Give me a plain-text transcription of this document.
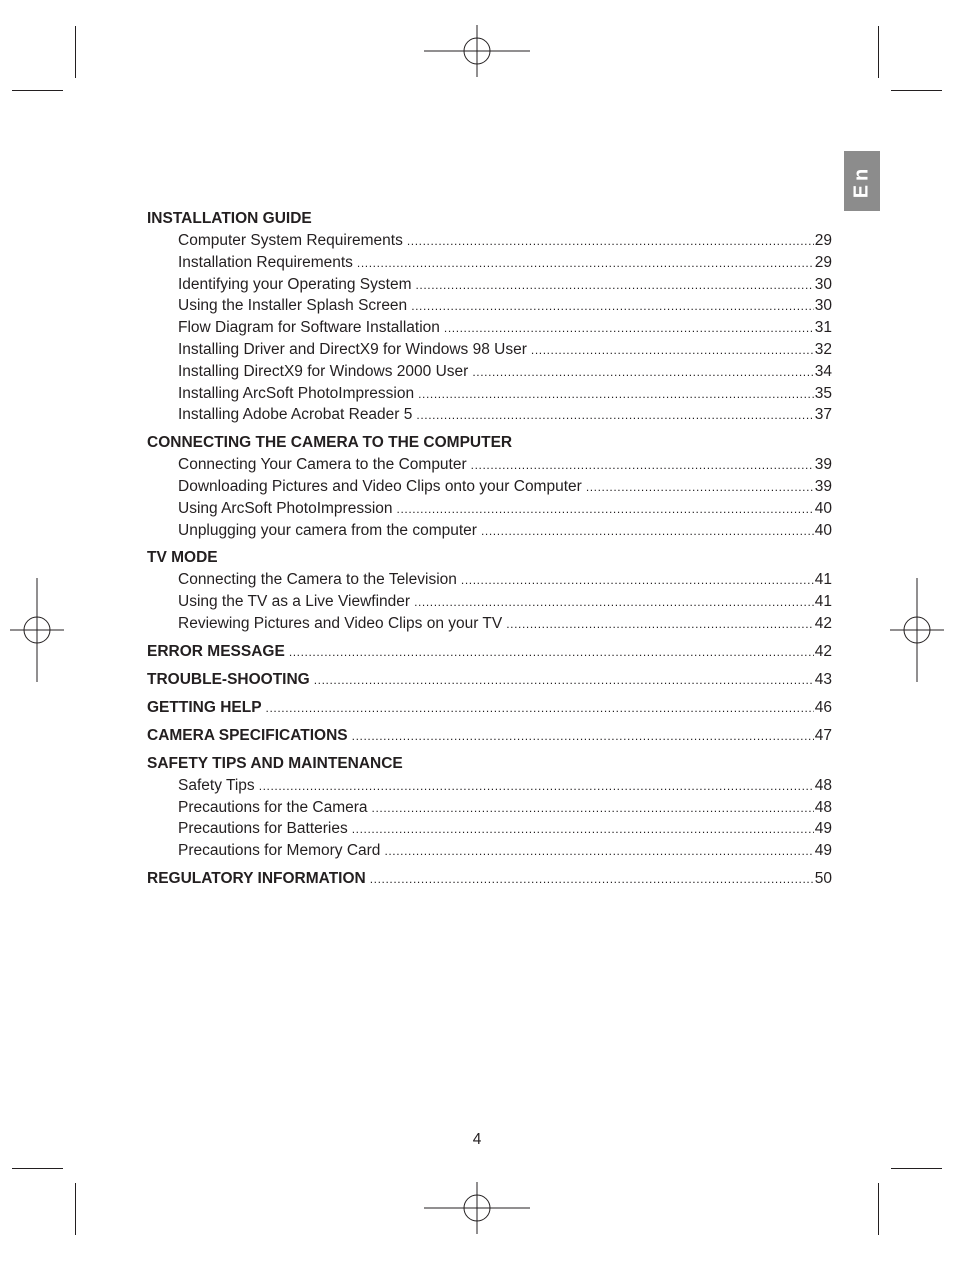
En
INSTALLATION GUIDE
Computer System Requirements .....	29
Installation Requirements .....	29
Identifying your Operating System .....	30
Using the Installer Splash Screen .....	30
Flow Diagram for Software Installation .....	31
Installing Driver and DirectX9 for Windows 98 User .....	32
Installing DirectX9 for Windows 2000 User .....	34
Installing ArcSoft PhotoImpression .....	35
Installing Adobe Acrobat Reader 5 .....	37
CONNECTING THE CAMERA TO THE COMPUTER
Connecting Your Camera to the Computer .....	39
Downloading Pictures and Video Clips onto your Computer .....	39
Using ArcSoft PhotoImpression .....	40
Unplugging your camera from the computer .....	40
TV MODE
Connecting the Camera to the Television .....	41
Using the TV as a Live Viewfinder .....	41
Reviewing Pictures and Video Clips on your TV .....	42
ERROR MESSAGE .....	42
TROUBLE-SHOOTING .....	43
GETTING HELP .....	46
CAMERA SPECIFICATIONS .....	47
SAFETY TIPS AND MAINTENANCE
Safety Tips .....	48
Precautions for the Camera .....	48
Precautions for Batteries .....	49
Precautions for Memory Card .....	49
REGULATORY INFORMATION .....	50
4
